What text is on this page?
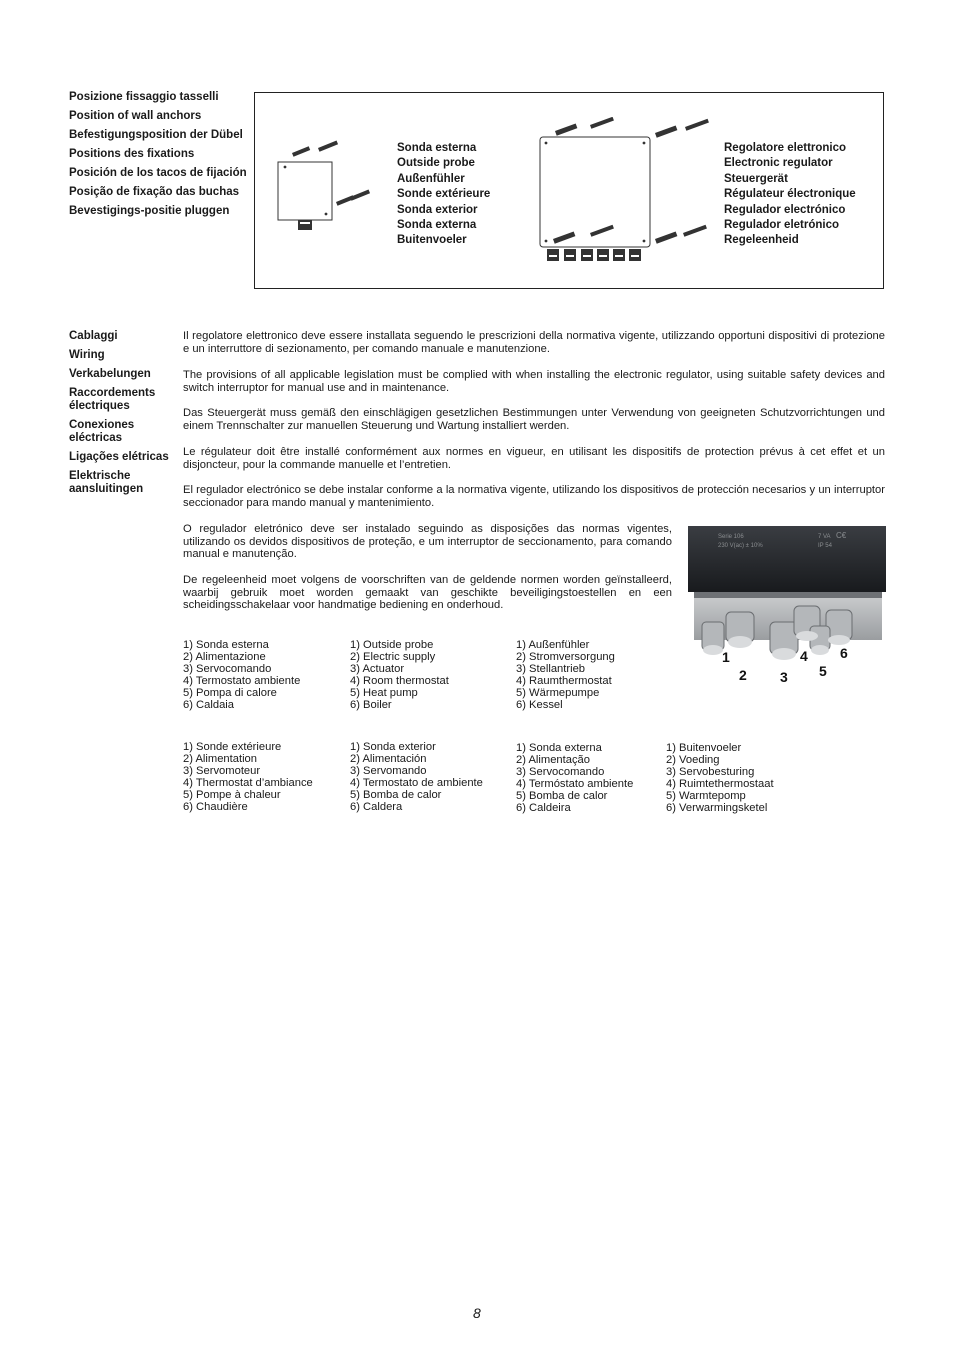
Posizione fissaggio tasselli
Position of wall anchors
Befestigungsposition der Dübel
Positions des fixations
Posición de los tacos de fijación
Posição de fixação das buchas
Bevestigings-positie pluggen
Sonda esterna
Outside probe
Außenfühler
Sonde extérieure
Sonda exterior
Sonda externa
Buitenvoeler
Regolatore elettronico
Electronic regulator
Steuergerät
Régulateur électronique
Regulador electrónico
Regulador eletrónico
Regeleenheid
Cablaggi
Wiring
Verkabelungen
Raccordements électriques
Conexiones eléctricas
Ligações elétricas
Elektrische aansluitingen

Il regolatore elettronico deve essere installata seguendo le prescrizioni della normativa vigente, utilizzando opportuni dispositivi di protezione e un interruttore di sezionamento, per comando manuale e manutenzione.

The provisions of all applicable legislation must be complied with when installing the electronic regulator, using suitable safety devices and switch interruptor for manual use and in maintenance.

Das Steuergerät muss gemäß den einschlägigen gesetzlichen Bestimmungen unter Verwendung von geeigneten Schutzvorrichtungen und einem Trennschalter zur manuellen Steuerung und Wartung installiert werden.

Le régulateur doit être installé conformément aux normes en vigueur, en utilisant les dispositifs de protection prévus à cet effet et un disjoncteur, pour la commande manuelle et l’entretien.

El regulador electrónico se debe instalar conforme a la normativa vigente, utilizando los dispositivos de protección necesarios y un interruptor seccionador para mando manual y mantenimiento.

O regulador eletrónico deve ser instalado seguindo as disposições das normas vigentes, utilizando os devidos dispositivos de proteção, e um interruptor de seccionamento, para comando manual e manutenção.

De regeleenheid moet volgens de voorschriften van de geldende normen worden geïnstalleerd, waarbij gebruik moet worden gemaakt van geschikte beveiligingstoestellen en een scheidingsschakelaar voor handmatige bediening en onderhoud.

Serie 106
230 V(ac) ± 10%
7 VA
IP 54
C€
1
2 3
4
5
6
1) Sonda esterna
2) Alimentazione
3) Servocomando
4) Termostato ambiente
5) Pompa di calore
6) Caldaia
1) Outside probe
2) Electric supply
3) Actuator
4) Room thermostat
5) Heat pump
6) Boiler
1) Außenfühler
2) Stromversorgung
3) Stellantrieb
4) Raumthermostat
5) Wärmepumpe
6) Kessel
1) Sonde extérieure
2) Alimentation
3) Servomoteur
4) Thermostat d’ambiance
5) Pompe à chaleur
6) Chaudière
1) Sonda exterior
2) Alimentación
3) Servomando
4) Termostato de ambiente
5) Bomba de calor
6) Caldera
1) Sonda externa
2) Alimentação
3) Servocomando
4) Termóstato ambiente
5) Bomba de calor
6) Caldeira
1) Buitenvoeler
2) Voeding
3) Servobesturing
4) Ruimtethermostaat
5) Warmtepomp
6) Verwarmingsketel
8
